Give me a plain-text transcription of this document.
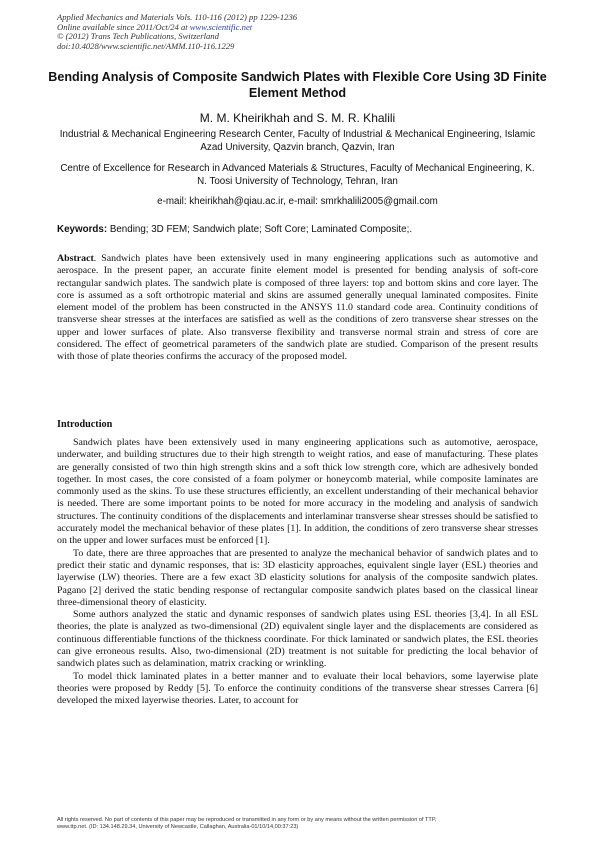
Applied Mechanics and Materials Vols. 110-116 (2012) pp 1229-1236
Online available since 2011/Oct/24 at www.scientific.net
© (2012) Trans Tech Publications, Switzerland
doi:10.4028/www.scientific.net/AMM.110-116.1229
Bending Analysis of Composite Sandwich Plates with Flexible Core Using 3D Finite Element Method
M. M. Kheirikhah and S. M. R. Khalili
Industrial & Mechanical Engineering Research Center, Faculty of Industrial & Mechanical Engineering, Islamic Azad University, Qazvin branch, Qazvin, Iran
Centre of Excellence for Research in Advanced Materials & Structures, Faculty of Mechanical Engineering, K. N. Toosi University of Technology, Tehran, Iran
e-mail: kheirikhah@qiau.ac.ir, e-mail: smrkhalili2005@gmail.com
Keywords: Bending; 3D FEM; Sandwich plate; Soft Core; Laminated Composite;.
Abstract. Sandwich plates have been extensively used in many engineering applications such as automotive and aerospace. In the present paper, an accurate finite element model is presented for bending analysis of soft-core rectangular sandwich plates. The sandwich plate is composed of three layers: top and bottom skins and core layer. The core is assumed as a soft orthotropic material and skins are assumed generally unequal laminated composites. Finite element model of the problem has been constructed in the ANSYS 11.0 standard code area. Continuity conditions of transverse shear stresses at the interfaces are satisfied as well as the conditions of zero transverse shear stresses on the upper and lower surfaces of plate. Also transverse flexibility and transverse normal strain and stress of core are considered. The effect of geometrical parameters of the sandwich plate are studied. Comparison of the present results with those of plate theories confirms the accuracy of the proposed model.
Introduction

Sandwich plates have been extensively used in many engineering applications such as automotive, aerospace, underwater, and building structures due to their high strength to weight ratios, and ease of manufacturing. These plates are generally consisted of two thin high strength skins and a soft thick low strength core, which are adhesively bonded together. In most cases, the core consisted of a foam polymer or honeycomb material, while composite laminates are commonly used as the skins. To use these structures efficiently, an excellent understanding of their mechanical behavior is needed. There are some important points to be noted for more accuracy in the modeling and analysis of sandwich structures. The continuity conditions of the displacements and interlaminar transverse shear stresses should be satisfied to accurately model the mechanical behavior of these plates [1]. In addition, the conditions of zero transverse shear stresses on the upper and lower surfaces must be enforced [1].

To date, there are three approaches that are presented to analyze the mechanical behavior of sandwich plates and to predict their static and dynamic responses, that is: 3D elasticity approaches, equivalent single layer (ESL) theories and layerwise (LW) theories. There are a few exact 3D elasticity solutions for analysis of the composite sandwich plates. Pagano [2] derived the static bending response of rectangular composite sandwich plates based on the classical linear three-dimensional theory of elasticity.

Some authors analyzed the static and dynamic responses of sandwich plates using ESL theories [3,4]. In all ESL theories, the plate is analyzed as two-dimensional (2D) equivalent single layer and the displacements are considered as continuous differentiable functions of the thickness coordinate. For thick laminated or sandwich plates, the ESL theories can give erroneous results. Also, two-dimensional (2D) treatment is not suitable for predicting the local behavior of sandwich plates such as delamination, matrix cracking or wrinkling.

To model thick laminated plates in a better manner and to evaluate their local behaviors, some layerwise plate theories were proposed by Reddy [5]. To enforce the continuity conditions of the transverse shear stresses Carrera [6] developed the mixed layerwise theories. Later, to account for

All rights reserved. No part of contents of this paper may be reproduced or transmitted in any form or by any means without the written permission of TTP,
www.ttp.net. (ID: 134.148.29.34, University of Newcastle, Callaghan, Australia-01/10/14,00:37:23)
